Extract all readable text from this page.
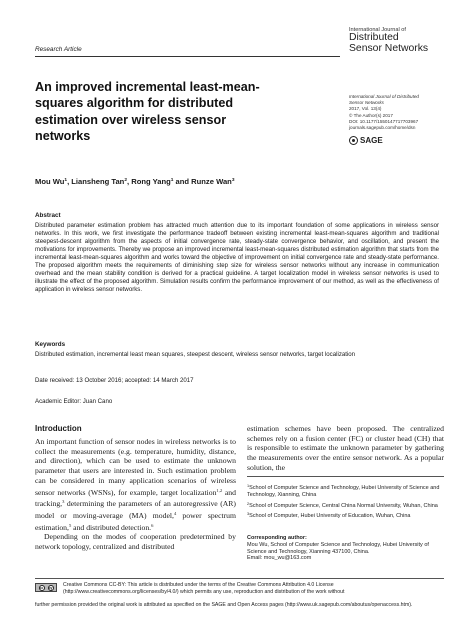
Research Article
International Journal of
Distributed
Sensor Networks
International Journal of Distributed
Sensor Networks
2017, Vol. 13(4)
© The Author(s) 2017
DOI: 10.1177/1550147717703967
journals.sagepub.com/home/dsn
SAGE
An improved incremental least-mean-
squares algorithm for distributed
estimation over wireless sensor
networks
Mou Wu$^1$, Liansheng Tan$^2$, Rong Yang$^1$ and Runze Wan$^3$
Abstract
Distributed parameter estimation problem has attracted much attention due to its important foundation of some applications in wireless sensor networks. In this work, we first investigate the performance tradeoff between existing incremental least-mean-squares algorithm and traditional steepest-descent algorithm from the aspects of initial convergence rate, steady-state convergence behavior, and oscillation, and present the motivations for improvements. Thereby we propose an improved incremental least-mean-squares distributed estimation algorithm that starts from the incremental least-mean-squares algorithm and works toward the objective of improvement on initial convergence rate and steady-state performance. The proposed algorithm meets the requirements of diminishing step size for wireless sensor networks without any increase in communication overhead and the mean stability condition is derived for a practical guideline. A target localization model in wireless sensor networks is used to illustrate the effect of the proposed algorithm. Simulation results confirm the performance improvement of our method, as well as the effectiveness of application in wireless sensor networks.
Keywords
Distributed estimation, incremental least mean squares, steepest descent, wireless sensor networks, target localization
Date received: 13 October 2016; accepted: 14 March 2017
Academic Editor: Juan Cano
Introduction

An important function of sensor nodes in wireless networks is to collect the measurements (e.g. temperature, humidity, distance, and direction), which can be used to estimate the unknown parameter that users are interested in. Such estimation problem can be considered in many application scenarios of wireless sensor networks (WSNs), for example, target localization$^{1,2}$ and tracking,$^3$ determining the parameters of an autoregressive (AR) model or moving-average (MA) model,$^4$ power spectrum estimation,$^5$ and distributed detection.$^6$

Depending on the modes of cooperation predetermined by network topology, centralized and distributed

estimation schemes have been proposed. The centralized schemes rely on a fusion center (FC) or cluster head (CH) that is responsible to estimate the unknown parameter by gathering the measurements over the entire sensor network. As a popular solution, the
$^1$School of Computer Science and Technology, Hubei University of Science and Technology, Xianning, China
$^2$School of Computer Science, Central China Normal University, Wuhan, China
$^3$School of Computer, Hubei University of Education, Wuhan, China
Corresponding author:
Mou Wu, School of Computer Science and Technology, Hubei University of Science and Technology, Xianning 437100, China.
Email: mou_wu@163.com
cc	by Creative Commons CC-BY: This article is distributed under the terms of the Creative Commons Attribution 4.0 License (http://www.creativecommons.org/licenses/by/4.0/) which permits any use, reproduction and distribution of the work without
further permission provided the original work is attributed as specified on the SAGE and Open Access pages (http://www.uk.sagepub.com/aboutus/openaccess.htm).
